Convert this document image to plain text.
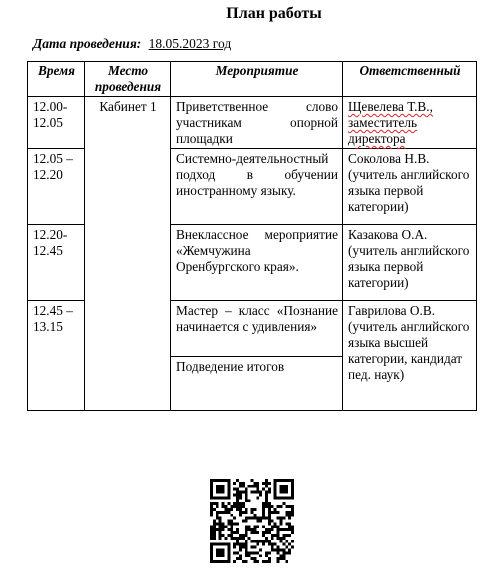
План работы
Дата проведения: 18.05.2023 год
Время	Место проведения	Мероприятие	Ответственный
12.00-12.05	Кабинет 1	Приветственное слово участникам опорной площадки	Щевелева Т.В., заместитель директора
12.05 – 12.20		Системно-деятельностный подход в обучении иностранному языку.	Соколова Н.В. (учитель английского языка первой категории)
12.20-12.45		Внеклассное мероприятие «Жемчужина Оренбургского края».	Казакова О.А. (учитель английского языка первой категории)
12.45 – 13.15		Мастер – класс «Познание начинается с удивления»	Гаврилова О.В. (учитель английского языка высшей категории, кандидат пед. наук)
		Подведение итогов	
